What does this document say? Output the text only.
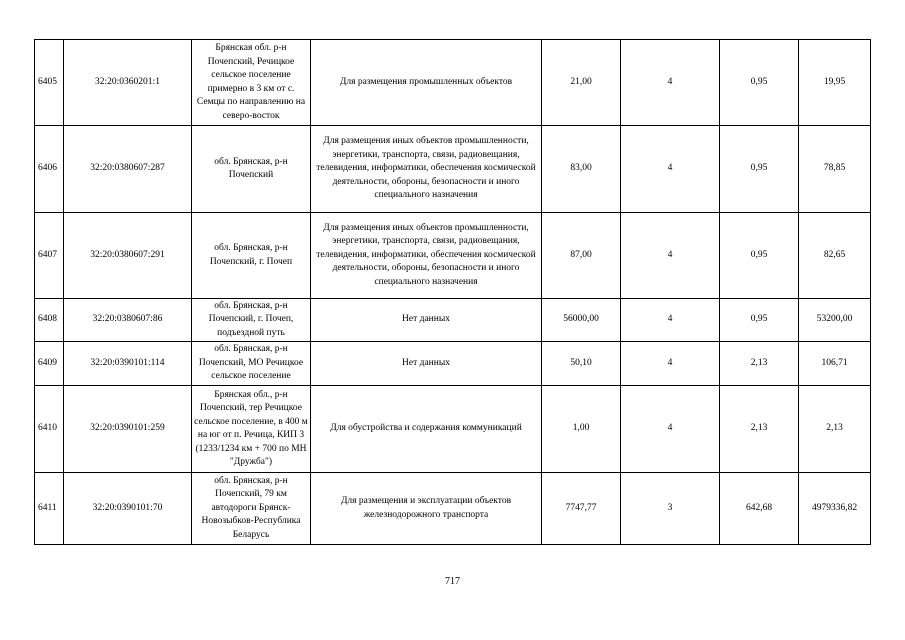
6405	32:20:0360201:1	Брянская обл. р-н Почепский, Речицкое сельское поселение примерно в 3 км от с. Семцы по направлению на северо-восток	Для размещения промышленных объектов	21,00	4	0,95	19,95
6406	32:20:0380607:287	обл. Брянская, р-н Почепский	Для размещения иных объектов промышленности, энергетики, транспорта, связи, радиовещания, телевидения, информатики, обеспечения космической деятельности, обороны, безопасности и иного специального назначения	83,00	4	0,95	78,85
6407	32:20:0380607:291	обл. Брянская, р-н Почепский, г. Почеп	Для размещения иных объектов промышленности, энергетики, транспорта, связи, радиовещания, телевидения, информатики, обеспечения космической деятельности, обороны, безопасности и иного специального назначения	87,00	4	0,95	82,65
6408	32:20:0380607:86	обл. Брянская, р-н Почепский, г. Почеп, подъездной путь	Нет данных	56000,00	4	0,95	53200,00
6409	32:20:0390101:114	обл. Брянская, р-н Почепский, МО Речицкое сельское поселение	Нет данных	50,10	4	2,13	106,71
6410	32:20:0390101:259	Брянская обл., р-н Почепский, тер Речицкое сельское поселение, в 400 м на юг от п. Речица, КИП 3 (1233/1234 км + 700 по МН "Дружба")	Для обустройства и содержания коммуникаций	1,00	4	2,13	2,13
6411	32:20:0390101:70	обл. Брянская, р-н Почепский, 79 км автодороги Брянск-Новозыбков-Республика Беларусь	Для размещения и эксплуатации объектов железнодорожного транспорта	7747,77	3	642,68	4979336,82
717
